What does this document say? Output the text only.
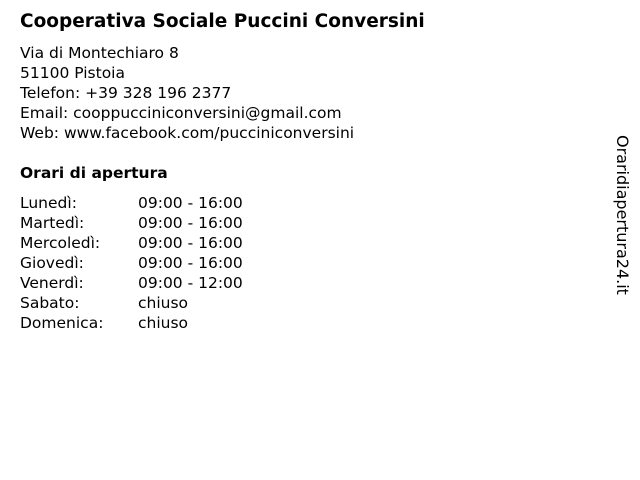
Cooperativa Sociale Puccini Conversini
Via di Montechiaro 8
51100 Pistoia
Telefon: +39 328 196 2377
Email: cooppucciniconversini@gmail.com
Web: www.facebook.com/pucciniconversini
Orari di apertura
Lunedì:	09:00 - 16:00
Martedì:	09:00 - 16:00
Mercoledì: 09:00 - 16:00
Giovedì:	09:00 - 16:00
Venerdì:	09:00 - 12:00
Sabato:	chiuso
Domenica: chiuso
Oraridiapertura24.it
